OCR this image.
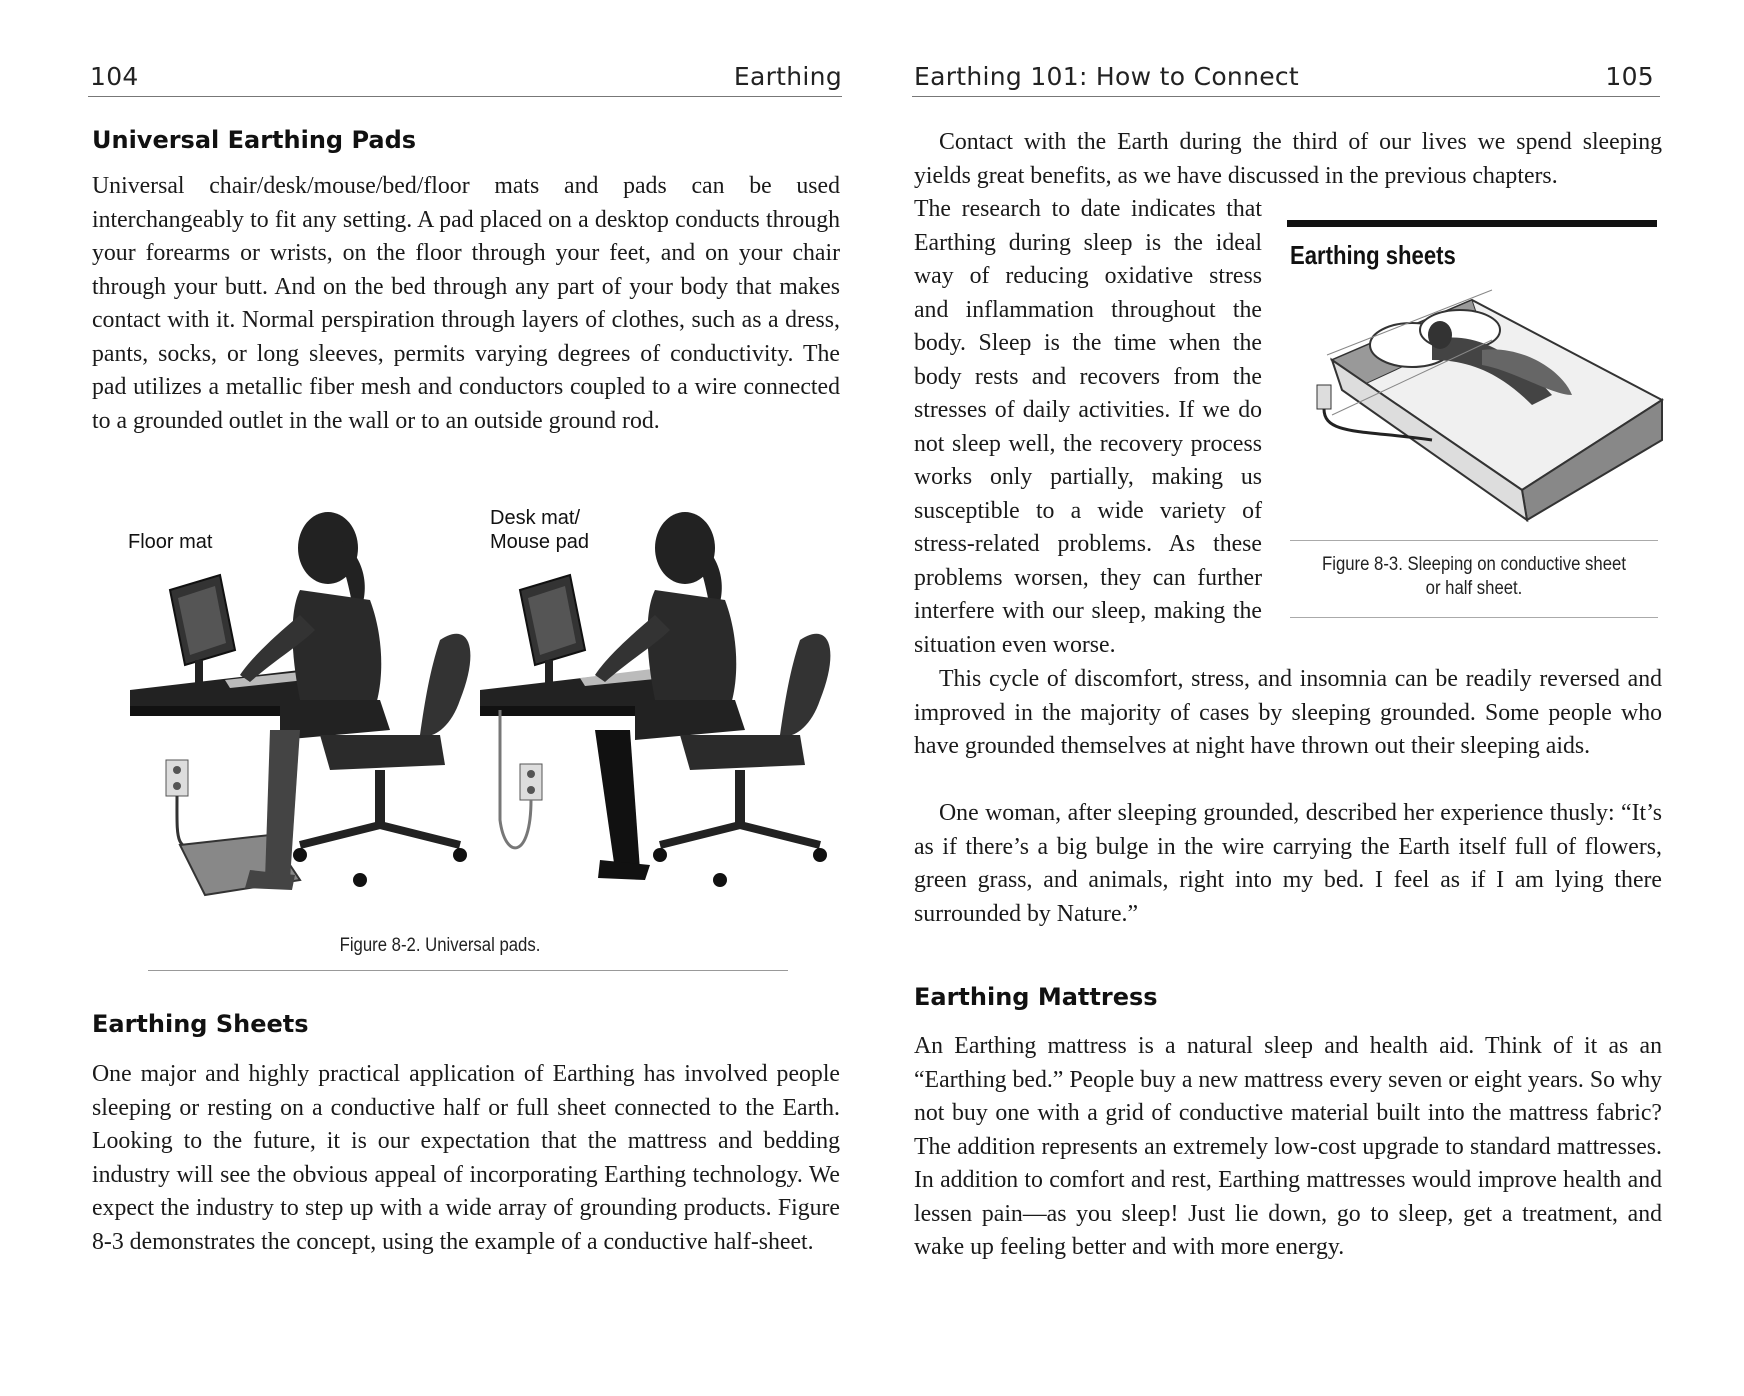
104	Earthing
Universal Earthing Pads

Universal chair/desk/mouse/bed/floor mats and pads can be used interchangeably to fit any setting. A pad placed on a desktop conducts through your forearms or wrists, on the floor through your feet, and on your chair through your butt. And on the bed through any part of your body that makes contact with it. Normal perspiration through layers of clothes, such as a dress, pants, socks, or long sleeves, permits varying degrees of conductivity. The pad utilizes a metallic fiber mesh and conductors coupled to a wire connected to a grounded outlet in the wall or to an outside ground rod.

Floor mat
Desk mat/
Mouse pad
Figure 8-2. Universal pads.
Earthing Sheets

One major and highly practical application of Earthing has involved people sleeping or resting on a conductive half or full sheet connected to the Earth. Looking to the future, it is our expectation that the mattress and bedding industry will see the obvious appeal of incorporating Earthing technology. We expect the industry to step up with a wide array of grounding products. Figure 8-3 demonstrates the concept, using the example of a conductive half-sheet.

Earthing 101: How to Connect	105

Contact with the Earth during the third of our lives we spend sleeping yields great benefits, as we have discussed in the previous chapters.

The research to date indicates that Earthing during sleep is the ideal way of reducing oxidative stress and inflammation throughout the body. Sleep is the time when the body rests and recovers from the stresses of daily activities. If we do not sleep well, the recovery process works only partially, making us susceptible to a wide variety of stress-related problems. As these problems worsen, they can further interfere with our sleep, making the situation even worse.

Earthing sheets
Figure 8-3. Sleeping on conductive sheet
or half sheet.

This cycle of discomfort, stress, and insomnia can be readily reversed and improved in the majority of cases by sleeping grounded. Some people who have grounded themselves at night have thrown out their sleeping aids.

One woman, after sleeping grounded, described her experience thusly: “It’s as if there’s a big bulge in the wire carrying the Earth itself full of flowers, green grass, and animals, right into my bed. I feel as if I am lying there surrounded by Nature.”

Earthing Mattress

An Earthing mattress is a natural sleep and health aid. Think of it as an “Earthing bed.” People buy a new mattress every seven or eight years. So why not buy one with a grid of conductive material built into the mattress fabric? The addition represents an extremely low-cost upgrade to standard mattresses. In addition to comfort and rest, Earthing mattresses would improve health and lessen pain—as you sleep! Just lie down, go to sleep, get a treatment, and wake up feeling better and with more energy.
